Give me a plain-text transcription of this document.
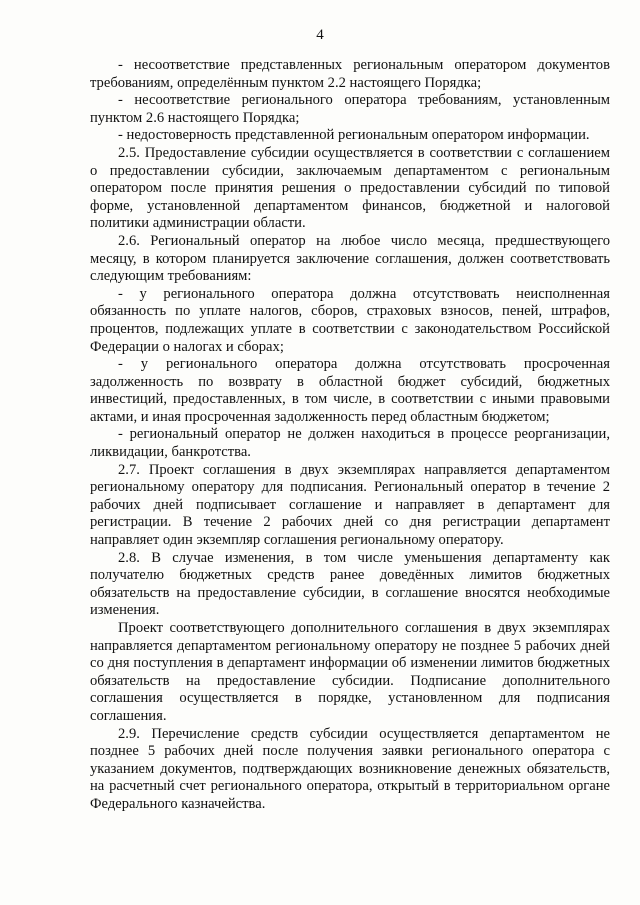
4

- несоответствие представленных региональным оператором документов требованиям, определённым пунктом 2.2 настоящего Порядка;

- несоответствие регионального оператора требованиям, установленным пунктом 2.6 настоящего Порядка;

- недостоверность представленной региональным оператором информации.

2.5. Предоставление субсидии осуществляется в соответствии с соглашением о предоставлении субсидии, заключаемым департаментом с региональным оператором после принятия решения о предоставлении субсидий по типовой форме, установленной департаментом финансов, бюджетной и налоговой политики администрации области.

2.6. Региональный оператор на любое число месяца, предшествующего месяцу, в котором планируется заключение соглашения, должен соответствовать следующим требованиям:

- у регионального оператора должна отсутствовать неисполненная обязанность по уплате налогов, сборов, страховых взносов, пеней, штрафов, процентов, подлежащих уплате в соответствии с законодательством Российской Федерации о налогах и сборах;

- у регионального оператора должна отсутствовать просроченная задолженность по возврату в областной бюджет субсидий, бюджетных инвестиций, предоставленных, в том числе, в соответствии с иными правовыми актами, и иная просроченная задолженность перед областным бюджетом;

- региональный оператор не должен находиться в процессе реорганизации, ликвидации, банкротства.

2.7. Проект соглашения в двух экземплярах направляется департаментом региональному оператору для подписания. Региональный оператор в течение 2 рабочих дней подписывает соглашение и направляет в департамент для регистрации. В течение 2 рабочих дней со дня регистрации департамент направляет один экземпляр соглашения региональному оператору.

2.8. В случае изменения, в том числе уменьшения департаменту как получателю бюджетных средств ранее доведённых лимитов бюджетных обязательств на предоставление субсидии, в соглашение вносятся необходимые изменения.

Проект соответствующего дополнительного соглашения в двух экземплярах направляется департаментом региональному оператору не позднее 5 рабочих дней со дня поступления в департамент информации об изменении лимитов бюджетных обязательств на предоставление субсидии. Подписание дополнительного соглашения осуществляется в порядке, установленном для подписания соглашения.

2.9. Перечисление средств субсидии осуществляется департаментом не позднее 5 рабочих дней после получения заявки регионального оператора с указанием документов, подтверждающих возникновение денежных обязательств, на расчетный счет регионального оператора, открытый в территориальном органе Федерального казначейства.
